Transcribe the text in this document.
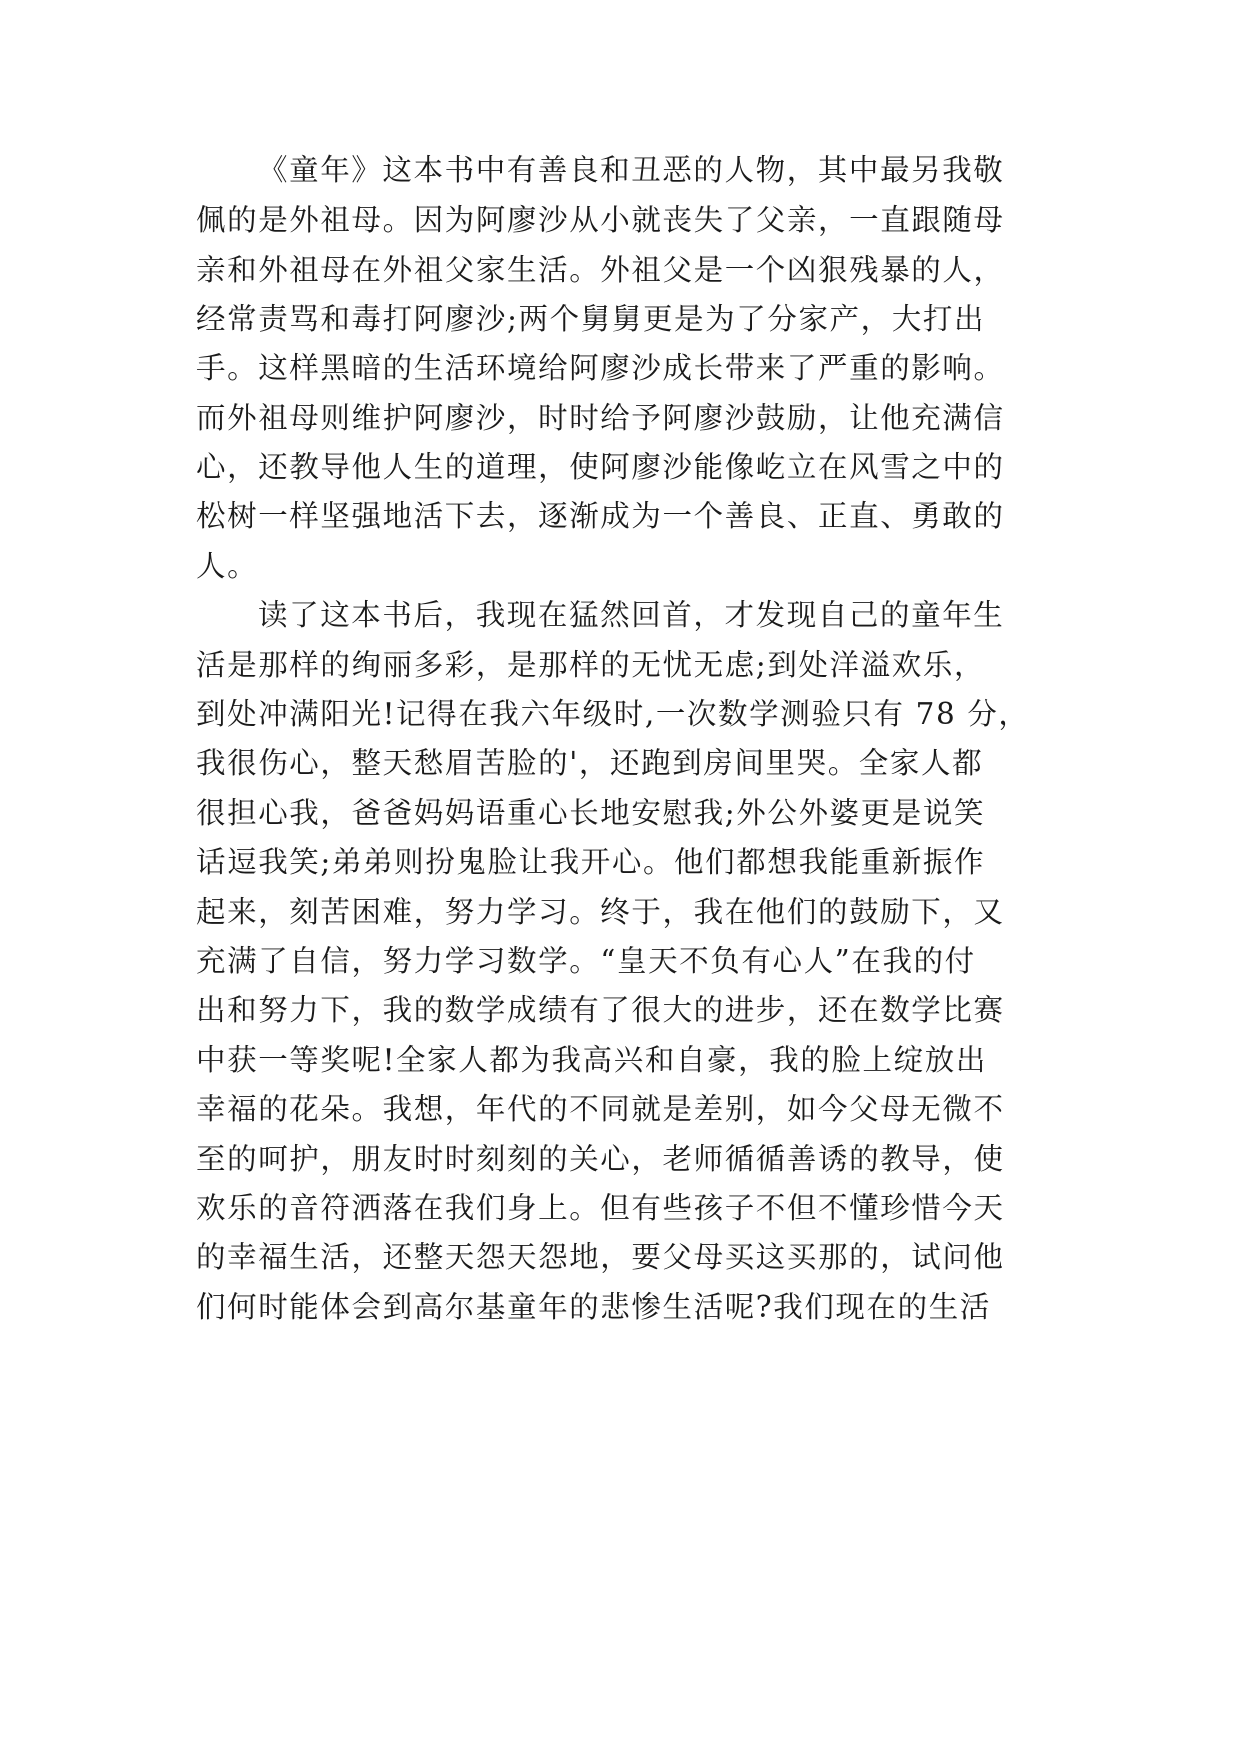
《童年》这本书中有善良和丑恶的人物，其中最另我敬
佩的是外祖母。因为阿廖沙从小就丧失了父亲，一直跟随母
亲和外祖母在外祖父家生活。外祖父是一个凶狠残暴的人，
经常责骂和毒打阿廖沙;两个舅舅更是为了分家产，大打出
手。这样黑暗的生活环境给阿廖沙成长带来了严重的影响。
而外祖母则维护阿廖沙，时时给予阿廖沙鼓励，让他充满信
心，还教导他人生的道理，使阿廖沙能像屹立在风雪之中的
松树一样坚强地活下去，逐渐成为一个善良、正直、勇敢的
人。
读了这本书后，我现在猛然回首，才发现自己的童年生
活是那样的绚丽多彩，是那样的无忧无虑;到处洋溢欢乐，
到处冲满阳光!记得在我六年级时,一次数学测验只有 78 分，
我很伤心，整天愁眉苦脸的'，还跑到房间里哭。全家人都
很担心我，爸爸妈妈语重心长地安慰我;外公外婆更是说笑
话逗我笑;弟弟则扮鬼脸让我开心。他们都想我能重新振作
起来，刻苦困难，努力学习。终于，我在他们的鼓励下，又
充满了自信，努力学习数学。“皇天不负有心人”在我的付
出和努力下，我的数学成绩有了很大的进步，还在数学比赛
中获一等奖呢!全家人都为我高兴和自豪，我的脸上绽放出
幸福的花朵。我想，年代的不同就是差别，如今父母无微不
至的呵护，朋友时时刻刻的关心，老师循循善诱的教导，使
欢乐的音符洒落在我们身上。但有些孩子不但不懂珍惜今天
的幸福生活，还整天怨天怨地，要父母买这买那的，试问他
们何时能体会到高尔基童年的悲惨生活呢?我们现在的生活
